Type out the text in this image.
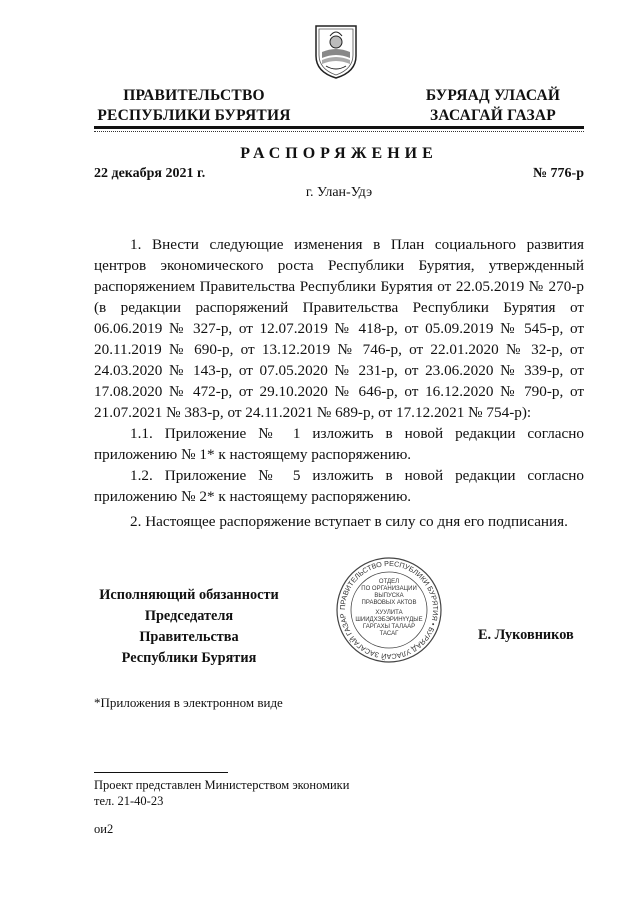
ПРАВИТЕЛЬСТВО
РЕСПУБЛИКИ БУРЯТИЯ
БУРЯАД УЛАСАЙ
ЗАСАГАЙ ГАЗАР
РАСПОРЯЖЕНИЕ
22 декабря 2021 г.	№ 776-р
г. Улан-Удэ

1. Внести следующие изменения в План социального развития центров экономического роста Республики Бурятия, утвержденный распоряжением Правительства Республики Бурятия от 22.05.2019 № 270-р (в редакции распоряжений Правительства Республики Бурятия от 06.06.2019 № 327-р, от 12.07.2019 № 418-р, от 05.09.2019 № 545-р, от 20.11.2019 № 690-р, от 13.12.2019 № 746-р, от 22.01.2020 № 32-р, от 24.03.2020 № 143-р, от 07.05.2020 № 231-р, от 23.06.2020 № 339-р, от 17.08.2020 № 472-р, от 29.10.2020 № 646-р, от 16.12.2020 № 790-р, от 21.07.2021 № 383-р, от 24.11.2021 № 689-р, от 17.12.2021 № 754-р):

1.1. Приложение № 1 изложить в новой редакции согласно приложению № 1* к настоящему распоряжению.

1.2. Приложение № 5 изложить в новой редакции согласно приложению № 2* к настоящему распоряжению.

2. Настоящее распоряжение вступает в силу со дня его подписания.

ПРАВИТЕЛЬСТВО РЕСПУБЛИКИ БУРЯТИЯ • БУРЯАД УЛАСАЙ ЗАСАГАЙ ГАЗАР
ОТДЕЛ
ПО ОРГАНИЗАЦИИ
ВЫПУСКА
ПРАВОВЫХ АКТОВ
ХУУЛИТА
ШИИДХЭБЭРИНҮҮДЫЕ
ГАРГАХЫ ТАЛААР
ТАСАГ
Исполняющий обязанности
Председателя Правительства
Республики Бурятия
Е. Луковников
*Приложения в электронном виде
Проект представлен Министерством экономики
тел. 21-40-23
ои2
